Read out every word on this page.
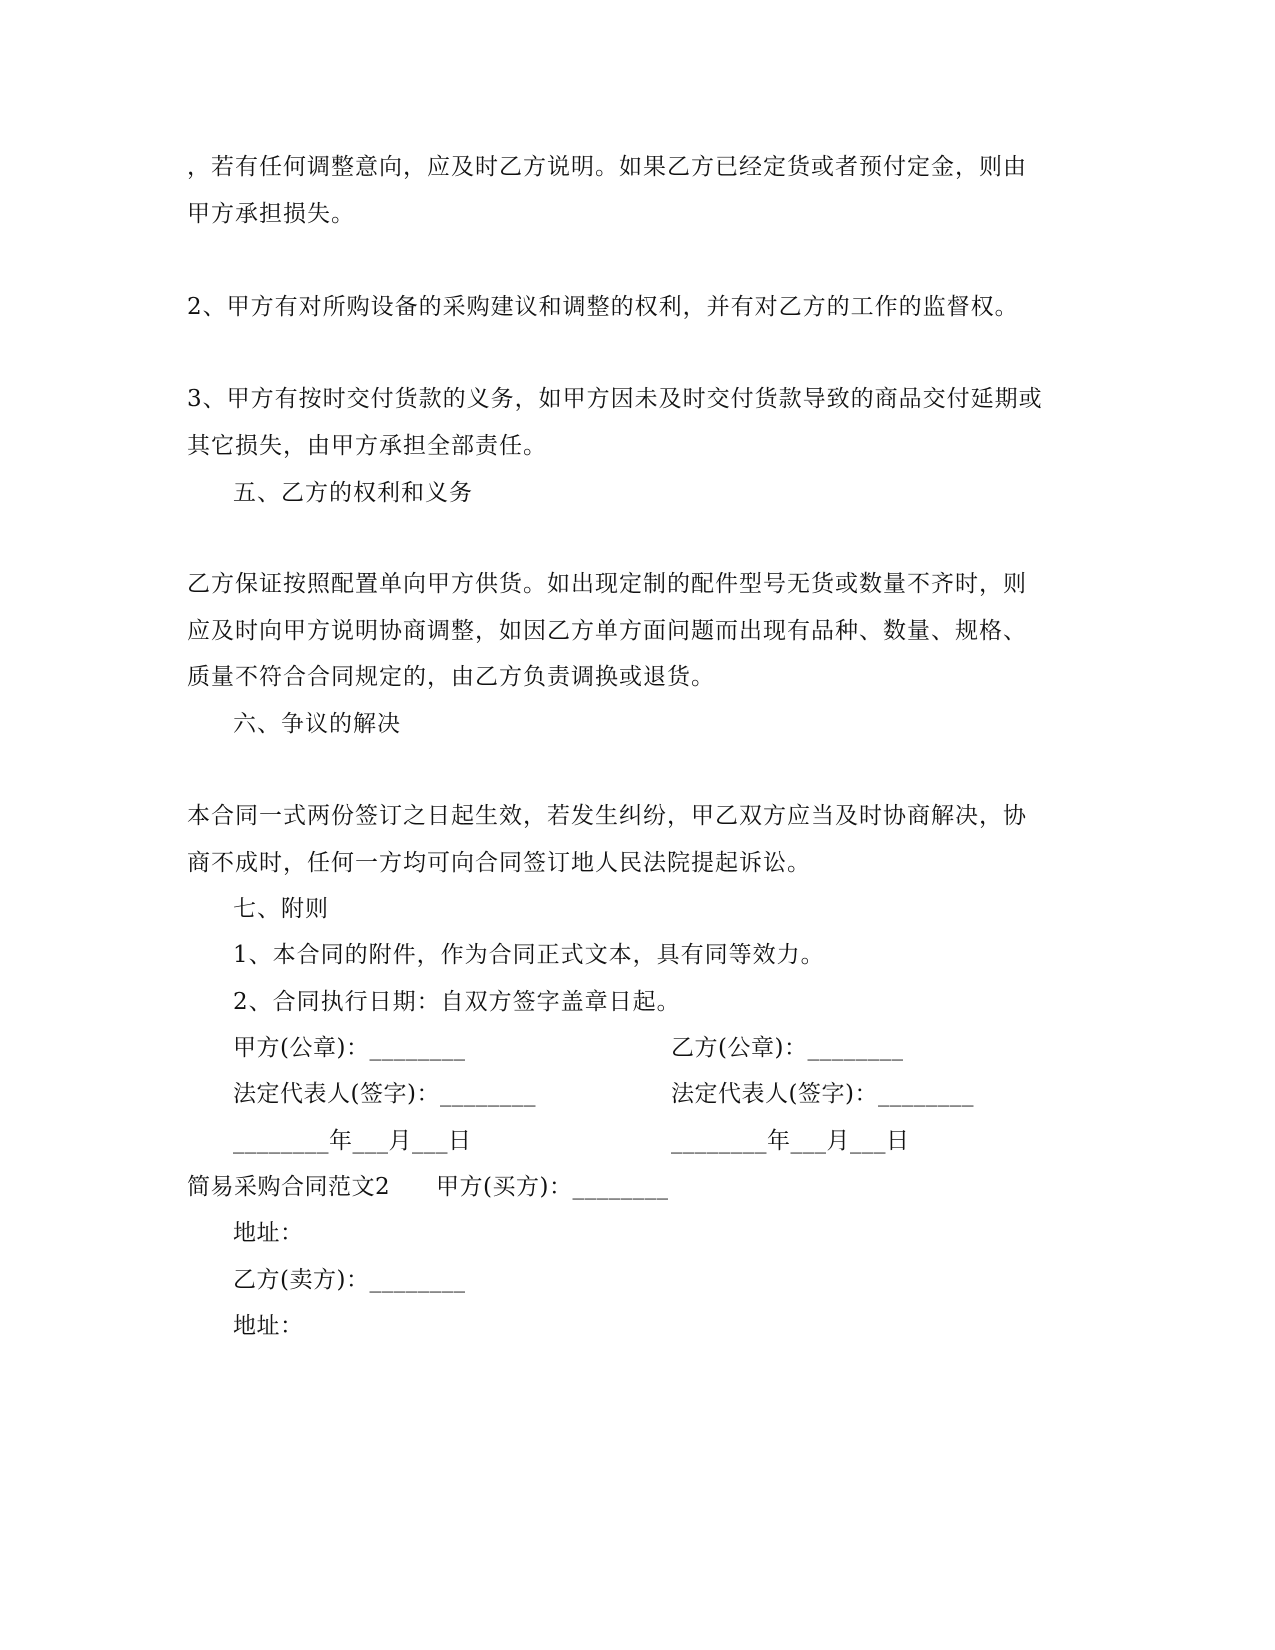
，若有任何调整意向，应及时乙方说明。如果乙方已经定货或者预付定金，则由
甲方承担损失。
2、甲方有对所购设备的采购建议和调整的权利，并有对乙方的工作的监督权。
3、甲方有按时交付货款的义务，如甲方因未及时交付货款导致的商品交付延期或
其它损失，由甲方承担全部责任。
五、乙方的权利和义务
乙方保证按照配置单向甲方供货。如出现定制的配件型号无货或数量不齐时，则
应及时向甲方说明协商调整，如因乙方单方面问题而出现有品种、数量、规格、
质量不符合合同规定的，由乙方负责调换或退货。
六、争议的解决
本合同一式两份签订之日起生效，若发生纠纷，甲乙双方应当及时协商解决，协
商不成时，任何一方均可向合同签订地人民法院提起诉讼。
七、附则
1、本合同的附件，作为合同正式文本，具有同等效力。
2、合同执行日期：自双方签字盖章日起。
甲方(公章)：________	乙方(公章)：________
法定代表人(签字)：________	法定代表人(签字)：________
________年___月___日	________年___月___日
简易采购合同范文2 甲方(买方)：________
地址：
乙方(卖方)：________
地址：
